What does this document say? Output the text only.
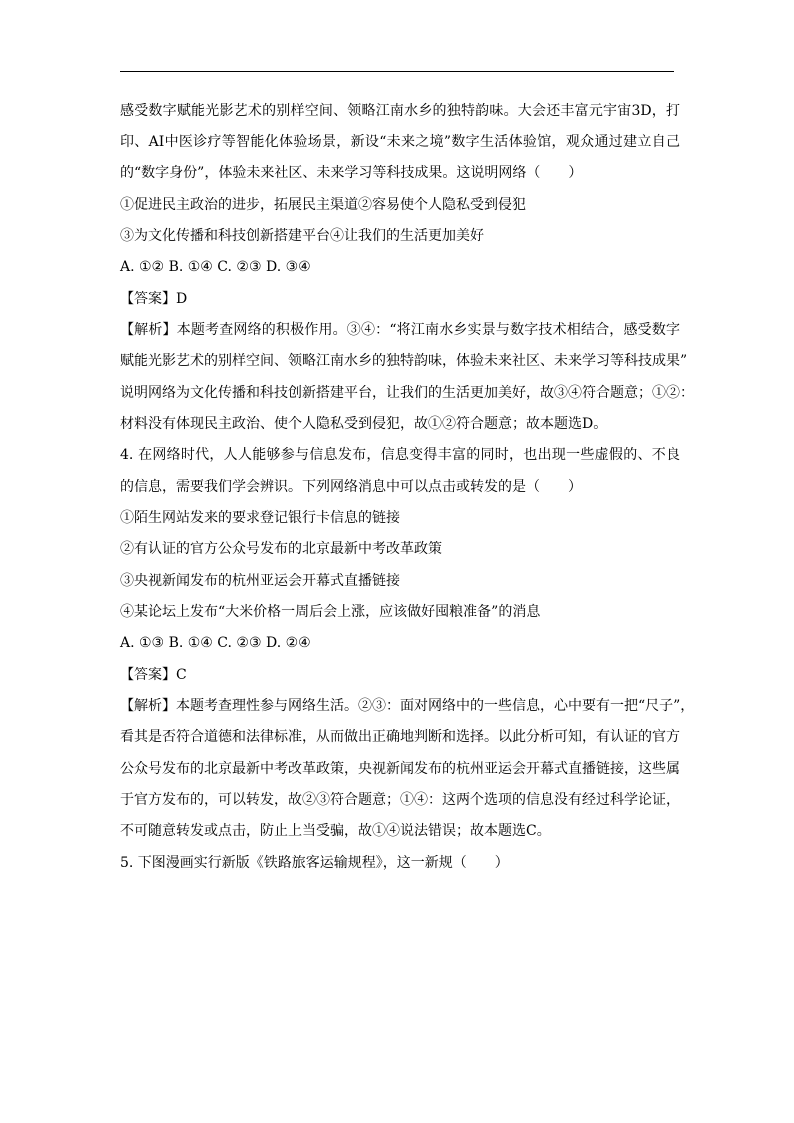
感受数字赋能光影艺术的别样空间、领略江南水乡的独特韵味。大会还丰富元宇宙3D，打
印、AI中医诊疗等智能化体验场景，新设“未来之境”数字生活体验馆，观众通过建立自己
的“数字身份”，体验未来社区、未来学习等科技成果。这说明网络（　　）
①促进民主政治的进步，拓展民主渠道②容易使个人隐私受到侵犯
③为文化传播和科技创新搭建平台④让我们的生活更加美好
A. ①② B. ①④ C. ②③ D. ③④
【答案】D
【解析】本题考查网络的积极作用。③④：“将江南水乡实景与数字技术相结合，感受数字
赋能光影艺术的别样空间、领略江南水乡的独特韵味，体验未来社区、未来学习等科技成果”
说明网络为文化传播和科技创新搭建平台，让我们的生活更加美好，故③④符合题意；①②：
材料没有体现民主政治、使个人隐私受到侵犯，故①②符合题意；故本题选D。
4. 在网络时代，人人能够参与信息发布，信息变得丰富的同时，也出现一些虚假的、不良
的信息，需要我们学会辨识。下列网络消息中可以点击或转发的是（　　）
①陌生网站发来的要求登记银行卡信息的链接
②有认证的官方公众号发布的北京最新中考改革政策
③央视新闻发布的杭州亚运会开幕式直播链接
④某论坛上发布“大米价格一周后会上涨，应该做好囤粮准备”的消息
A. ①③ B. ①④ C. ②③ D. ②④
【答案】C
【解析】本题考查理性参与网络生活。②③：面对网络中的一些信息，心中要有一把“尺子”，
看其是否符合道德和法律标准，从而做出正确地判断和选择。以此分析可知，有认证的官方
公众号发布的北京最新中考改革政策，央视新闻发布的杭州亚运会开幕式直播链接，这些属
于官方发布的，可以转发，故②③符合题意；①④：这两个选项的信息没有经过科学论证，
不可随意转发或点击，防止上当受骗，故①④说法错误；故本题选C。
5. 下图漫画实行新版《铁路旅客运输规程》，这一新规（　　）
